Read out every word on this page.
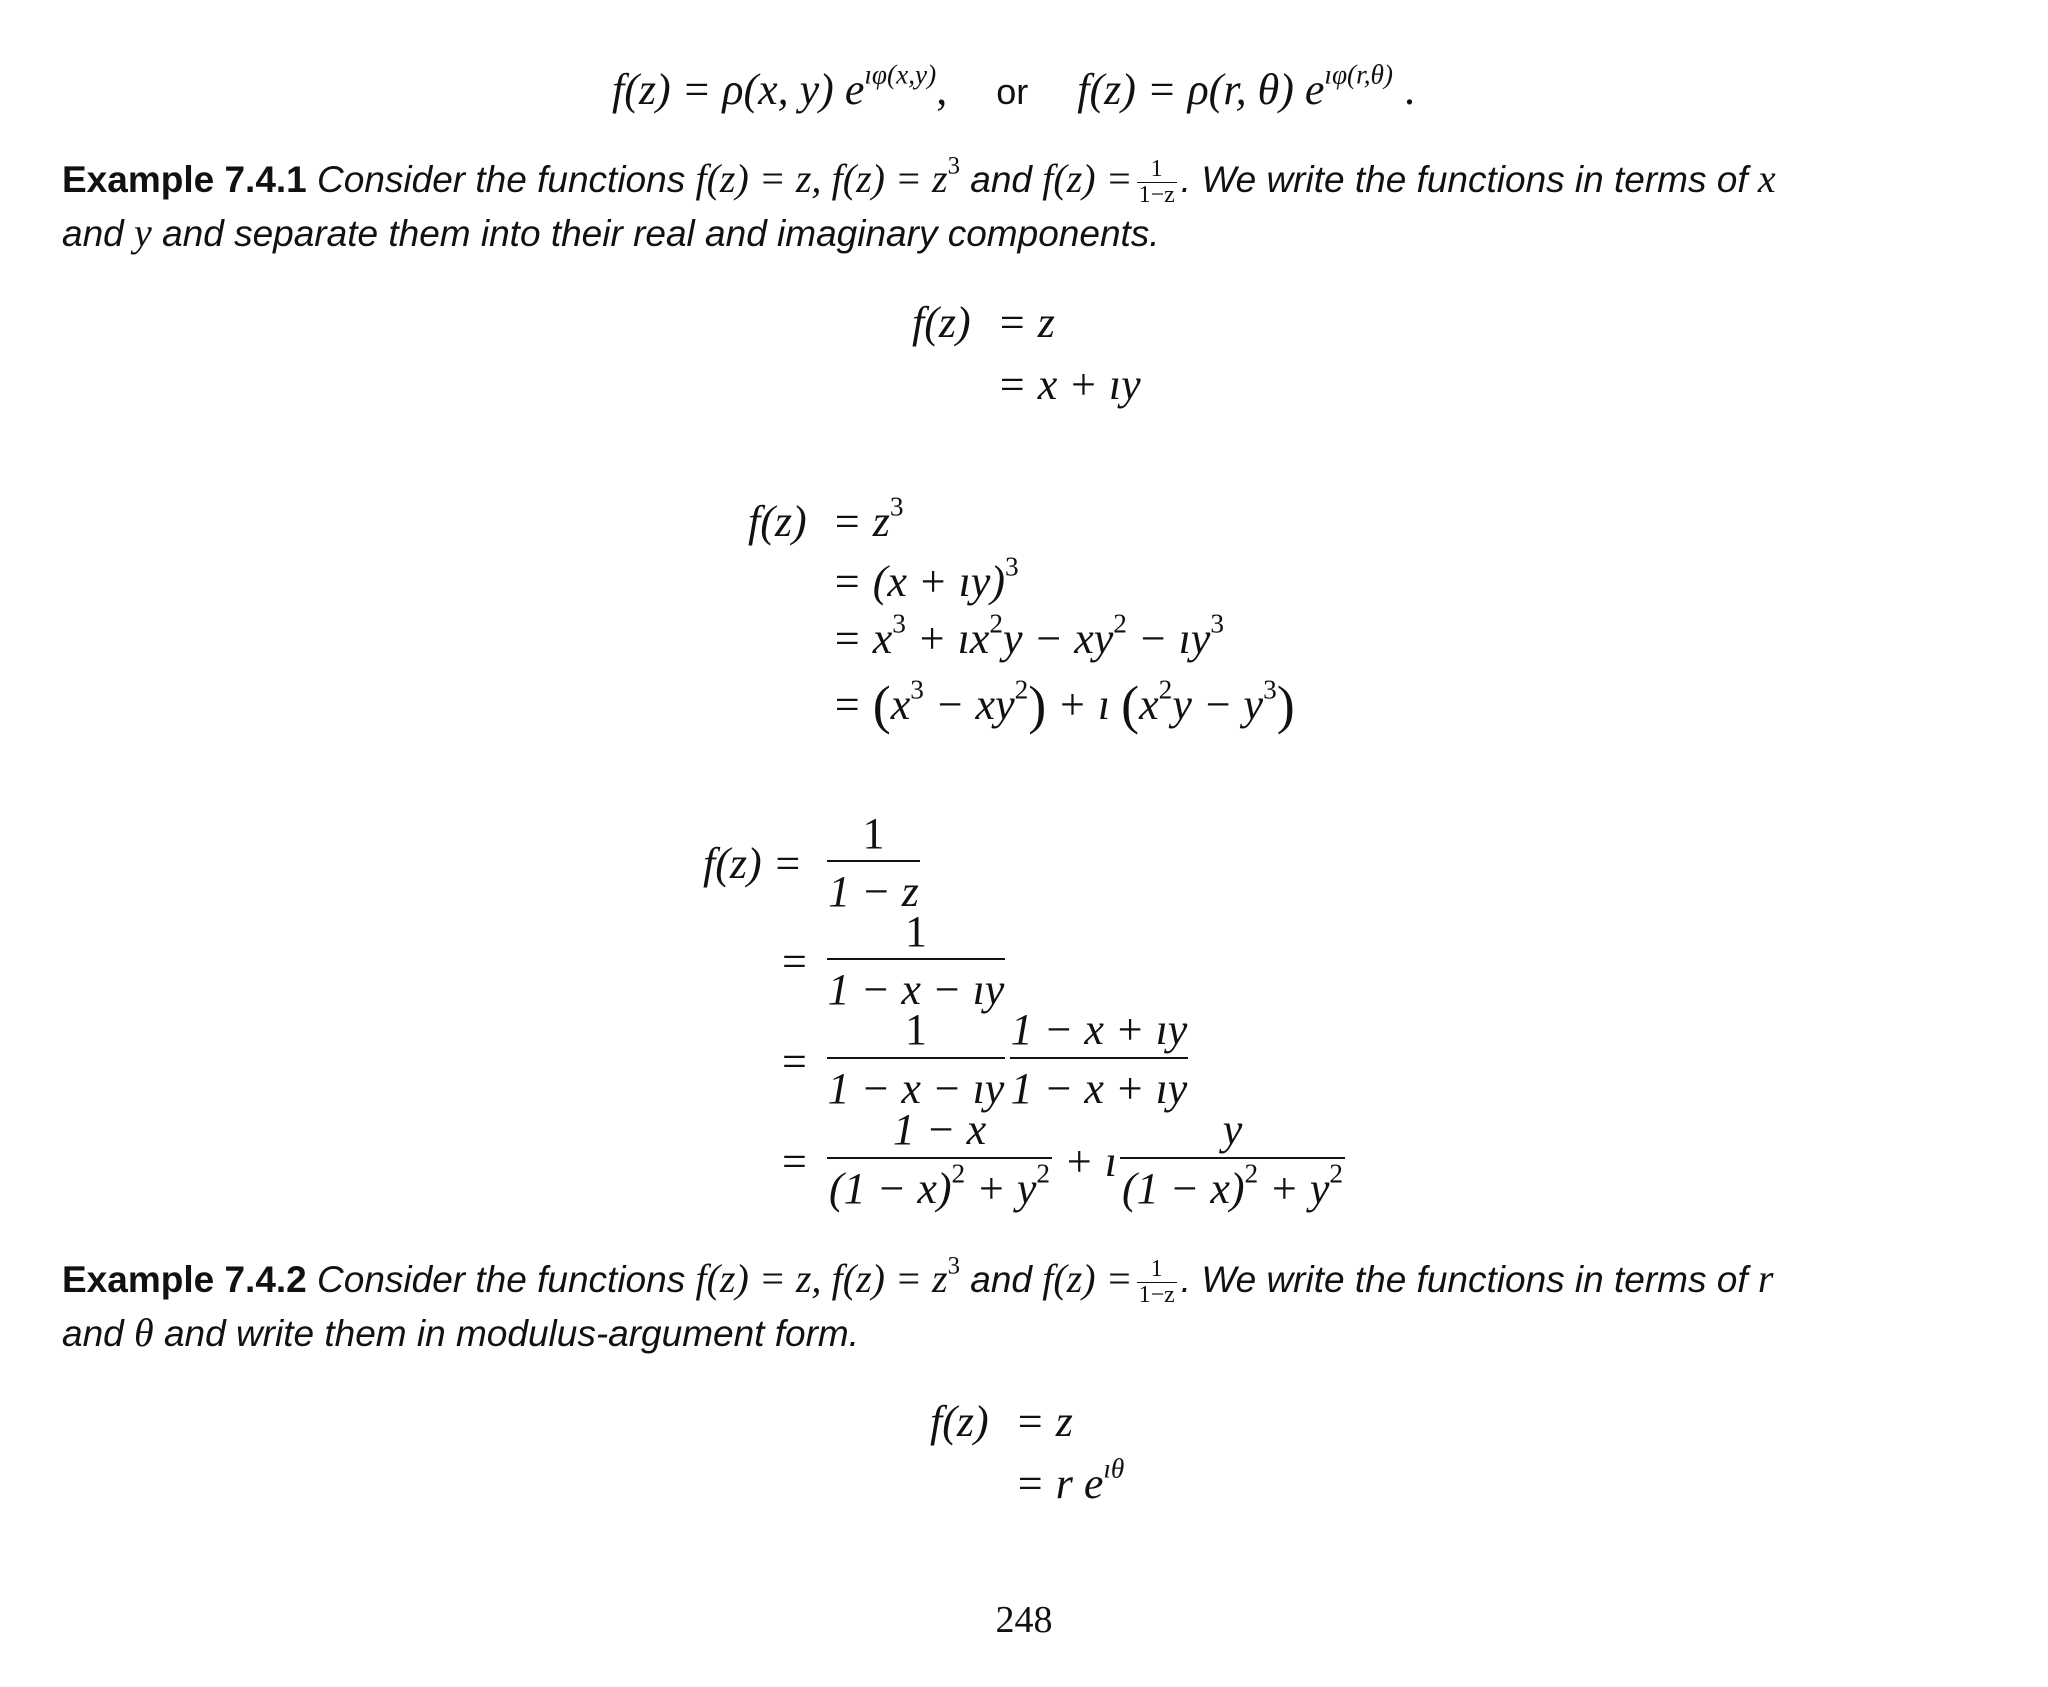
f(z) = ρ(x, y) $e^{ı\varphi(x,y)}$, or f(z) = ρ(r, θ) $e^{ı\varphi(r,\theta)}$ .
Example 7.4.1 Consider the functions f(z) = z, $f(z) = z^3$ and $f(z) = \frac{1}{1-z}$ . We write the functions in terms of x
and y and separate them into their real and imaginary components.
f(z) = z
= x + ıy
$f(z) = z^3$
= (x + ıy)$^3$
= $x^3$ + $ıx^2y - xy^2$ − $ıy^3$
= $(x^3 - xy^2)$ + ı $(x^2y - y^3)$
f(z) =
1
1 − z
=
1
1 − x − ıy
=
1
1 − x − ıy
1 − x + ıy
1 − x + ıy
=
1 − x
$(1 - x)^2 + y^2$ + ı
y
$(1 - x)^2 + y^2$
Example 7.4.2 Consider the functions f(z) = z, $f(z) = z^3$ and $f(z) = \frac{1}{1-z}$ . We write the functions in terms of r
and θ and write them in modulus-argument form.
f(z) = z
= r $e^{ı\theta}$
248
